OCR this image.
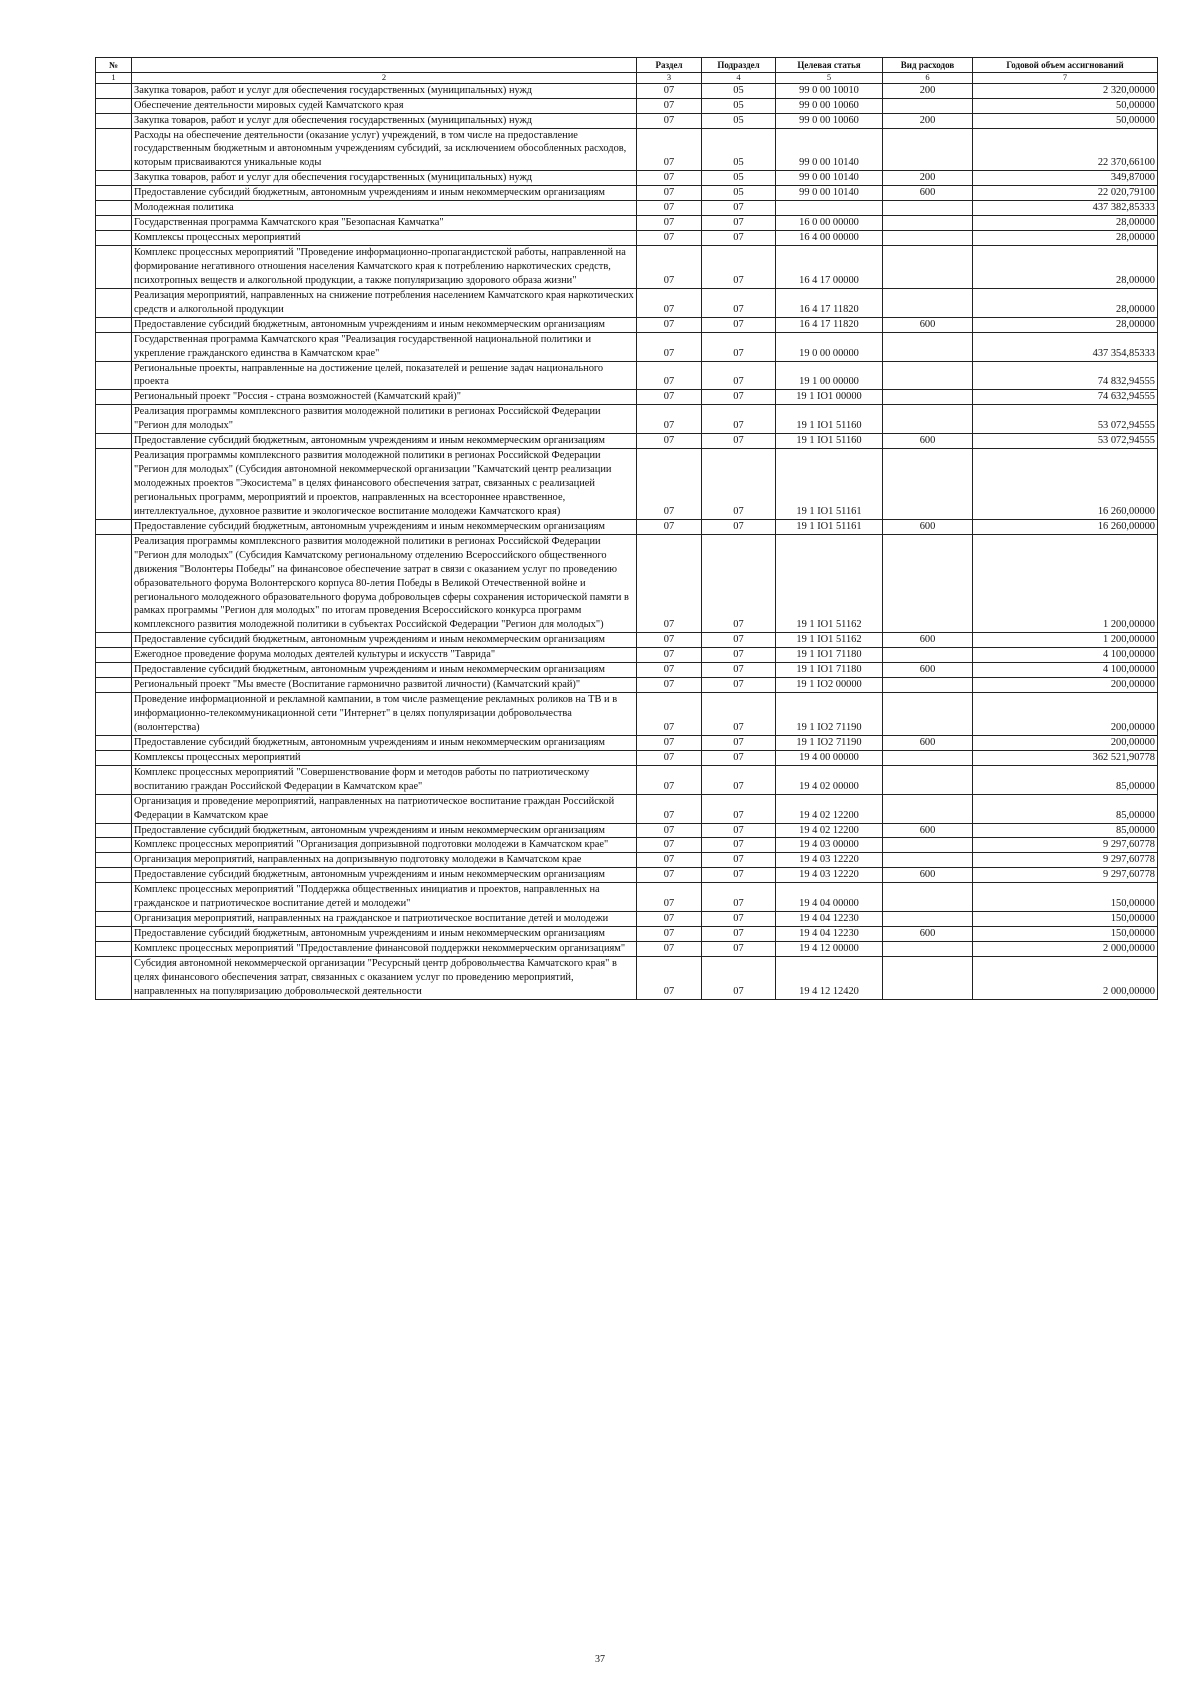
№		Раздел	Подраздел	Целевая статья	Вид расходов	Годовой объем ассигнований
1	2	3	4	5	6	7
	Закупка товаров, работ и услуг для обеспечения государственных (муниципальных) нужд	07	05	99 0 00 10010	200	2 320,00000
	Обеспечение деятельности мировых судей Камчатского края	07	05	99 0 00 10060		50,00000
	Закупка товаров, работ и услуг для обеспечения государственных (муниципальных) нужд	07	05	99 0 00 10060	200	50,00000
	Расходы на обеспечение деятельности (оказание услуг) учреждений, в том числе на предоставление государственным бюджетным и автономным учреждениям субсидий, за исключением обособленных расходов, которым присваиваются уникальные коды	07	05	99 0 00 10140		22 370,66100
	Закупка товаров, работ и услуг для обеспечения государственных (муниципальных) нужд	07	05	99 0 00 10140	200	349,87000
	Предоставление субсидий бюджетным, автономным учреждениям и иным некоммерческим организациям	07	05	99 0 00 10140	600	22 020,79100
	Молодежная политика	07	07			437 382,85333
	Государственная программа Камчатского края "Безопасная Камчатка"	07	07	16 0 00 00000		28,00000
	Комплексы процессных мероприятий	07	07	16 4 00 00000		28,00000
	Комплекс процессных мероприятий "Проведение информационно-пропагандистской работы, направленной на формирование негативного отношения населения Камчатского края к потреблению наркотических средств, психотропных веществ и алкогольной продукции, а также популяризацию здорового образа жизни"	07	07	16 4 17 00000		28,00000
	Реализация мероприятий, направленных на снижение потребления населением Камчатского края наркотических средств и алкогольной продукции	07	07	16 4 17 11820		28,00000
	Предоставление субсидий бюджетным, автономным учреждениям и иным некоммерческим организациям	07	07	16 4 17 11820	600	28,00000
	Государственная программа Камчатского края "Реализация государственной национальной политики и укрепление гражданского единства в Камчатском крае"	07	07	19 0 00 00000		437 354,85333
	Региональные проекты, направленные на достижение целей, показателей и решение задач национального проекта	07	07	19 1 00 00000		74 832,94555
	Региональный проект "Россия - страна возможностей (Камчатский край)"	07	07	19 1 IO1 00000		74 632,94555
	Реализация программы комплексного развития молодежной политики в регионах Российской Федерации "Регион для молодых"	07	07	19 1 IO1 51160		53 072,94555
	Предоставление субсидий бюджетным, автономным учреждениям и иным некоммерческим организациям	07	07	19 1 IO1 51160	600	53 072,94555
	Реализация программы комплексного развития молодежной политики в регионах Российской Федерации "Регион для молодых" (Субсидия автономной некоммерческой организации "Камчатский центр реализации молодежных проектов "Экосистема" в целях финансового обеспечения затрат, связанных с реализацией региональных программ, мероприятий и проектов, направленных на всестороннее нравственное, интеллектуальное, духовное развитие и экологическое воспитание молодежи Камчатского края)	07	07	19 1 IO1 51161		16 260,00000
	Предоставление субсидий бюджетным, автономным учреждениям и иным некоммерческим организациям	07	07	19 1 IO1 51161	600	16 260,00000
	Реализация программы комплексного развития молодежной политики в регионах Российской Федерации "Регион для молодых" (Субсидия Камчатскому региональному отделению Всероссийского общественного движения "Волонтеры Победы" на финансовое обеспечение затрат в связи с оказанием услуг по проведению образовательного форума Волонтерского корпуса 80-летия Победы в Великой Отечественной войне и регионального молодежного образовательного форума добровольцев сферы сохранения исторической памяти в рамках программы "Регион для молодых" по итогам проведения Всероссийского конкурса программ комплексного развития молодежной политики в субъектах Российской Федерации "Регион для молодых")	07	07	19 1 IO1 51162		1 200,00000
	Предоставление субсидий бюджетным, автономным учреждениям и иным некоммерческим организациям	07	07	19 1 IO1 51162	600	1 200,00000
	Ежегодное проведение форума молодых деятелей культуры и искусств "Таврида"	07	07	19 1 IO1 71180		4 100,00000
	Предоставление субсидий бюджетным, автономным учреждениям и иным некоммерческим организациям	07	07	19 1 IO1 71180	600	4 100,00000
	Региональный проект "Мы вместе (Воспитание гармонично развитой личности) (Камчатский край)"	07	07	19 1 IO2 00000		200,00000
	Проведение информационной и рекламной кампании, в том числе размещение рекламных роликов на ТВ и в информационно-телекоммуникационной сети "Интернет" в целях популяризации добровольчества (волонтерства)	07	07	19 1 IO2 71190		200,00000
	Предоставление субсидий бюджетным, автономным учреждениям и иным некоммерческим организациям	07	07	19 1 IO2 71190	600	200,00000
	Комплексы процессных мероприятий	07	07	19 4 00 00000		362 521,90778
	Комплекс процессных мероприятий "Совершенствование форм и методов работы по патриотическому воспитанию граждан Российской Федерации в Камчатском крае"	07	07	19 4 02 00000		85,00000
	Организация и проведение мероприятий, направленных на патриотическое воспитание граждан Российской Федерации в Камчатском крае	07	07	19 4 02 12200		85,00000
	Предоставление субсидий бюджетным, автономным учреждениям и иным некоммерческим организациям	07	07	19 4 02 12200	600	85,00000
	Комплекс процессных мероприятий "Организация допризывной подготовки молодежи в Камчатском крае"	07	07	19 4 03 00000		9 297,60778
	Организация мероприятий, направленных на допризывную подготовку молодежи в Камчатском крае	07	07	19 4 03 12220		9 297,60778
	Предоставление субсидий бюджетным, автономным учреждениям и иным некоммерческим организациям	07	07	19 4 03 12220	600	9 297,60778
	Комплекс процессных мероприятий "Поддержка общественных инициатив и проектов, направленных на гражданское и патриотическое воспитание детей и молодежи"	07	07	19 4 04 00000		150,00000
	Организация мероприятий, направленных на гражданское и патриотическое воспитание детей и молодежи	07	07	19 4 04 12230		150,00000
	Предоставление субсидий бюджетным, автономным учреждениям и иным некоммерческим организациям	07	07	19 4 04 12230	600	150,00000
	Комплекс процессных мероприятий "Предоставление финансовой поддержки некоммерческим организациям"	07	07	19 4 12 00000		2 000,00000
	Субсидия автономной некоммерческой организации "Ресурсный центр добровольчества Камчатского края" в целях финансового обеспечения затрат, связанных с оказанием услуг по проведению мероприятий, направленных на популяризацию добровольческой деятельности	07	07	19 4 12 12420		2 000,00000
37
